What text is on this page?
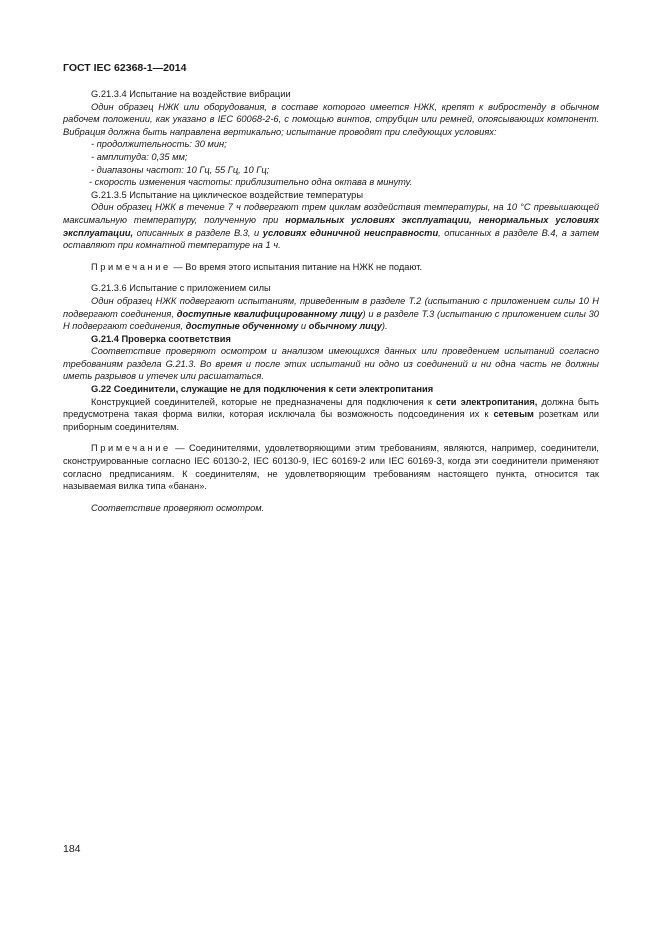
ГОСТ IEC 62368-1—2014

G.21.3.4 Испытание на воздействие вибрации

Один образец НЖК или оборудования, в составе которого имеется НЖК, крепят к вибростенду в обычном рабочем положении, как указано в IEC 60068-2-6, с помощью винтов, струбцин или ремней, опоясывающих компонент. Вибрация должна быть направлена вертикально; испытание проводят при следующих условиях:

- продолжительность: 30 мин;

- амплитуда: 0,35 мм;

- диапазоны частот: 10 Гц, 55 Гц, 10 Гц;

- скорость изменения частоты: приблизительно одна октава в минуту.

G.21.3.5 Испытание на циклическое воздействие температуры

Один образец НЖК в течение 7 ч подвергают трем циклам воздействия температуры, на 10 °С превышающей максимальную температуру, полученную при нормальных условиях эксплуатации, ненормальных условиях эксплуатации, описанных в разделе В.3, и условиях единичной неисправности, описанных в разделе В.4, а затем оставляют при комнатной температуре на 1 ч.

Примечание — Во время этого испытания питание на НЖК не подают.

G.21.3.6 Испытание с приложением силы

Один образец НЖК подвергают испытаниям, приведенным в разделе Т.2 (испытанию с приложением силы 10 Н подвергают соединения, доступные квалифицированному лицу) и в разделе Т.3 (испытанию с приложением силы 30 Н подвергают соединения, доступные обученному и обычному лицу).

G.21.4 Проверка соответствия

Соответствие проверяют осмотром и анализом имеющихся данных или проведением испытаний согласно требованиям раздела G.21.3. Во время и после этих испытаний ни одно из соединений и ни одна часть не должны иметь разрывов и утечек или расшататься.

G.22 Соединители, служащие не для подключения к сети электропитания

Конструкцией соединителей, которые не предназначены для подключения к сети электропитания, должна быть предусмотрена такая форма вилки, которая исключала бы возможность подсоединения их к сетевым розеткам или приборным соединителям.

Примечание — Соединителями, удовлетворяющими этим требованиям, являются, например, соединители, сконструированные согласно IEC 60130-2, IEC 60130-9, IEC 60169-2 или IEC 60169-3, когда эти соединители применяют согласно предписаниям. К соединителям, не удовлетворяющим требованиям настоящего пункта, относится так называемая вилка типа «банан».

Соответствие проверяют осмотром.

184
